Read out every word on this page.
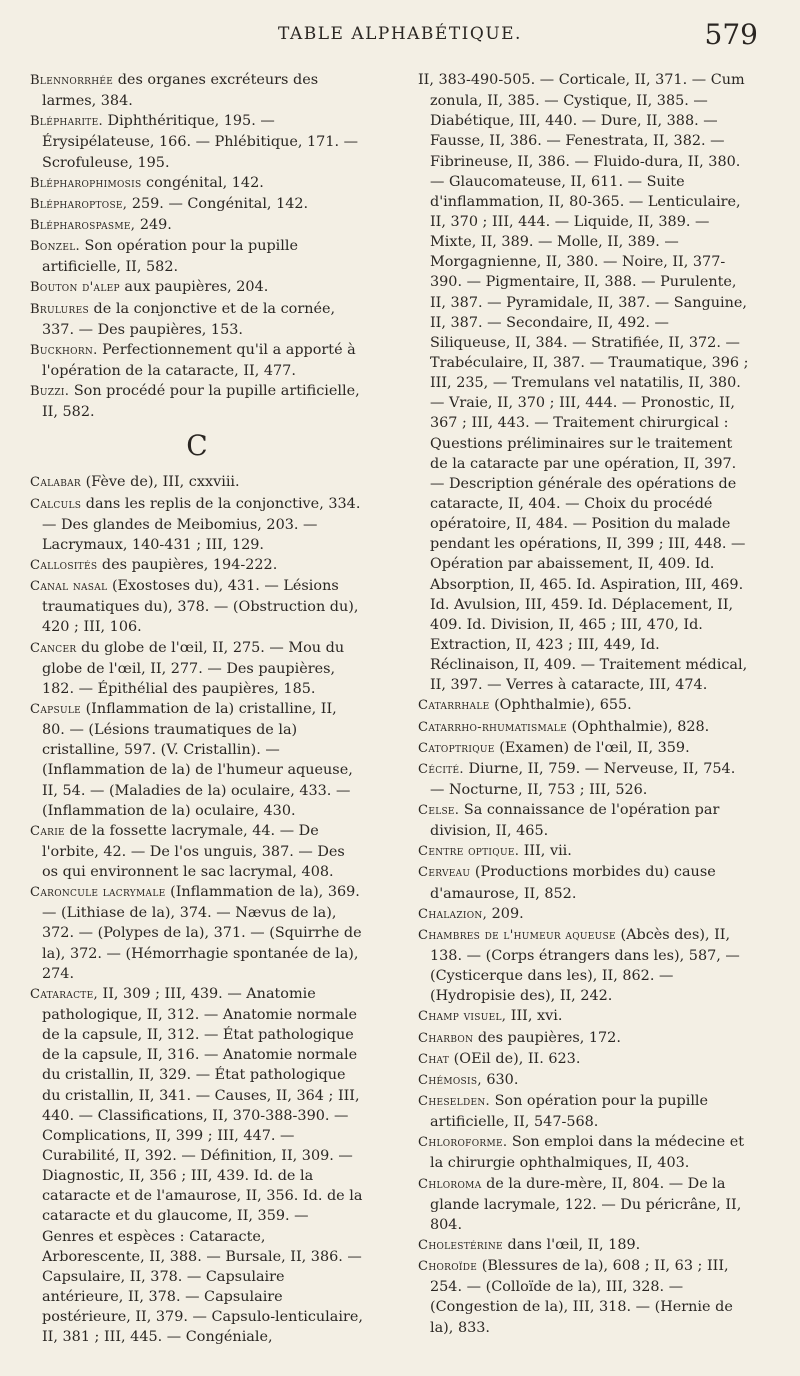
TABLE ALPHABÉTIQUE.	579

Blennorrhée des organes excréteurs des larmes, 384.

Blépharite. Diphthéritique, 195. — Érysipélateuse, 166. — Phlébitique, 171. — Scrofuleuse, 195.

Blépharophimosis congénital, 142.

Blépharoptose, 259. — Congénital, 142.

Blépharospasme, 249.

Bonzel. Son opération pour la pupille artificielle, II, 582.

Bouton d'alep aux paupières, 204.

Brulures de la conjonctive et de la cornée, 337. — Des paupières, 153.

Buckhorn. Perfectionnement qu'il a apporté à l'opération de la cataracte, II, 477.

Buzzi. Son procédé pour la pupille artificielle, II, 582.

C

Calabar (Fève de), III, cxxviii.

Calculs dans les replis de la conjonctive, 334. — Des glandes de Meibomius, 203. — Lacrymaux, 140-431 ; III, 129.

Callosités des paupières, 194-222.

Canal nasal (Exostoses du), 431. — Lésions traumatiques du), 378. — (Obstruction du), 420 ; III, 106.

Cancer du globe de l'œil, II, 275. — Mou du globe de l'œil, II, 277. — Des paupières, 182. — Épithélial des paupières, 185.

Capsule (Inflammation de la) cristalline, II, 80. — (Lésions traumatiques de la) cristalline, 597. (V. Cristallin). — (Inflammation de la) de l'humeur aqueuse, II, 54. — (Maladies de la) oculaire, 433. — (Inflammation de la) oculaire, 430.

Carie de la fossette lacrymale, 44. — De l'orbite, 42. — De l'os unguis, 387. — Des os qui environnent le sac lacrymal, 408.

Caroncule lacrymale (Inflammation de la), 369. — (Lithiase de la), 374. — Nævus de la), 372. — (Polypes de la), 371. — (Squirrhe de la), 372. — (Hémorrhagie spontanée de la), 274.

Cataracte, II, 309 ; III, 439. — Anatomie pathologique, II, 312. — Anatomie normale de la capsule, II, 312. — État pathologique de la capsule, II, 316. — Anatomie normale du cristallin, II, 329. — État pathologique du cristallin, II, 341. — Causes, II, 364 ; III, 440. — Classifications, II, 370-388-390. — Complications, II, 399 ; III, 447. — Curabilité, II, 392. — Définition, II, 309. — Diagnostic, II, 356 ; III, 439. Id. de la cataracte et de l'amaurose, II, 356. Id. de la cataracte et du glaucome, II, 359. — Genres et espèces : Cataracte, Arborescente, II, 388. — Bursale, II, 386. — Capsulaire, II, 378. — Capsulaire antérieure, II, 378. — Capsulaire postérieure, II, 379. — Capsulo-lenticulaire, II, 381 ; III, 445. — Congéniale,

II, 383-490-505. — Corticale, II, 371. — Cum zonula, II, 385. — Cystique, II, 385. — Diabétique, III, 440. — Dure, II, 388. — Fausse, II, 386. — Fenestrata, II, 382. — Fibrineuse, II, 386. — Fluido-dura, II, 380. — Glaucomateuse, II, 611. — Suite d'inflammation, II, 80-365. — Lenticulaire, II, 370 ; III, 444. — Liquide, II, 389. — Mixte, II, 389. — Molle, II, 389. — Morgagnienne, II, 380. — Noire, II, 377-390. — Pigmentaire, II, 388. — Purulente, II, 387. — Pyramidale, II, 387. — Sanguine, II, 387. — Secondaire, II, 492. — Siliqueuse, II, 384. — Stratifiée, II, 372. — Trabéculaire, II, 387. — Traumatique, 396 ; III, 235, — Tremulans vel natatilis, II, 380. — Vraie, II, 370 ; III, 444. — Pronostic, II, 367 ; III, 443. — Traitement chirurgical : Questions préliminaires sur le traitement de la cataracte par une opération, II, 397. — Description générale des opérations de cataracte, II, 404. — Choix du procédé opératoire, II, 484. — Position du malade pendant les opérations, II, 399 ; III, 448. — Opération par abaissement, II, 409. Id. Absorption, II, 465. Id. Aspiration, III, 469. Id. Avulsion, III, 459. Id. Déplacement, II, 409. Id. Division, II, 465 ; III, 470, Id. Extraction, II, 423 ; III, 449, Id. Réclinaison, II, 409. — Traitement médical, II, 397. — Verres à cataracte, III, 474.

Catarrhale (Ophthalmie), 655.

Catarrho-rhumatismale (Ophthalmie), 828.

Catoptrique (Examen) de l'œil, II, 359.

Cécité. Diurne, II, 759. — Nerveuse, II, 754. — Nocturne, II, 753 ; III, 526.

Celse. Sa connaissance de l'opération par division, II, 465.

Centre optique. III, vii.

Cerveau (Productions morbides du) cause d'amaurose, II, 852.

Chalazion, 209.

Chambres de l'humeur aqueuse (Abcès des), II, 138. — (Corps étrangers dans les), 587, — (Cysticerque dans les), II, 862. — (Hydropisie des), II, 242.

Champ visuel, III, xvi.

Charbon des paupières, 172.

Chat (OEil de), II. 623.

Chémosis, 630.

Cheselden. Son opération pour la pupille artificielle, II, 547-568.

Chloroforme. Son emploi dans la médecine et la chirurgie ophthalmiques, II, 403.

Chloroma de la dure-mère, II, 804. — De la glande lacrymale, 122. — Du péricrâne, II, 804.

Cholestérine dans l'œil, II, 189.

Choroïde (Blessures de la), 608 ; II, 63 ; III, 254. — (Colloïde de la), III, 328. — (Congestion de la), III, 318. — (Hernie de la), 833.
